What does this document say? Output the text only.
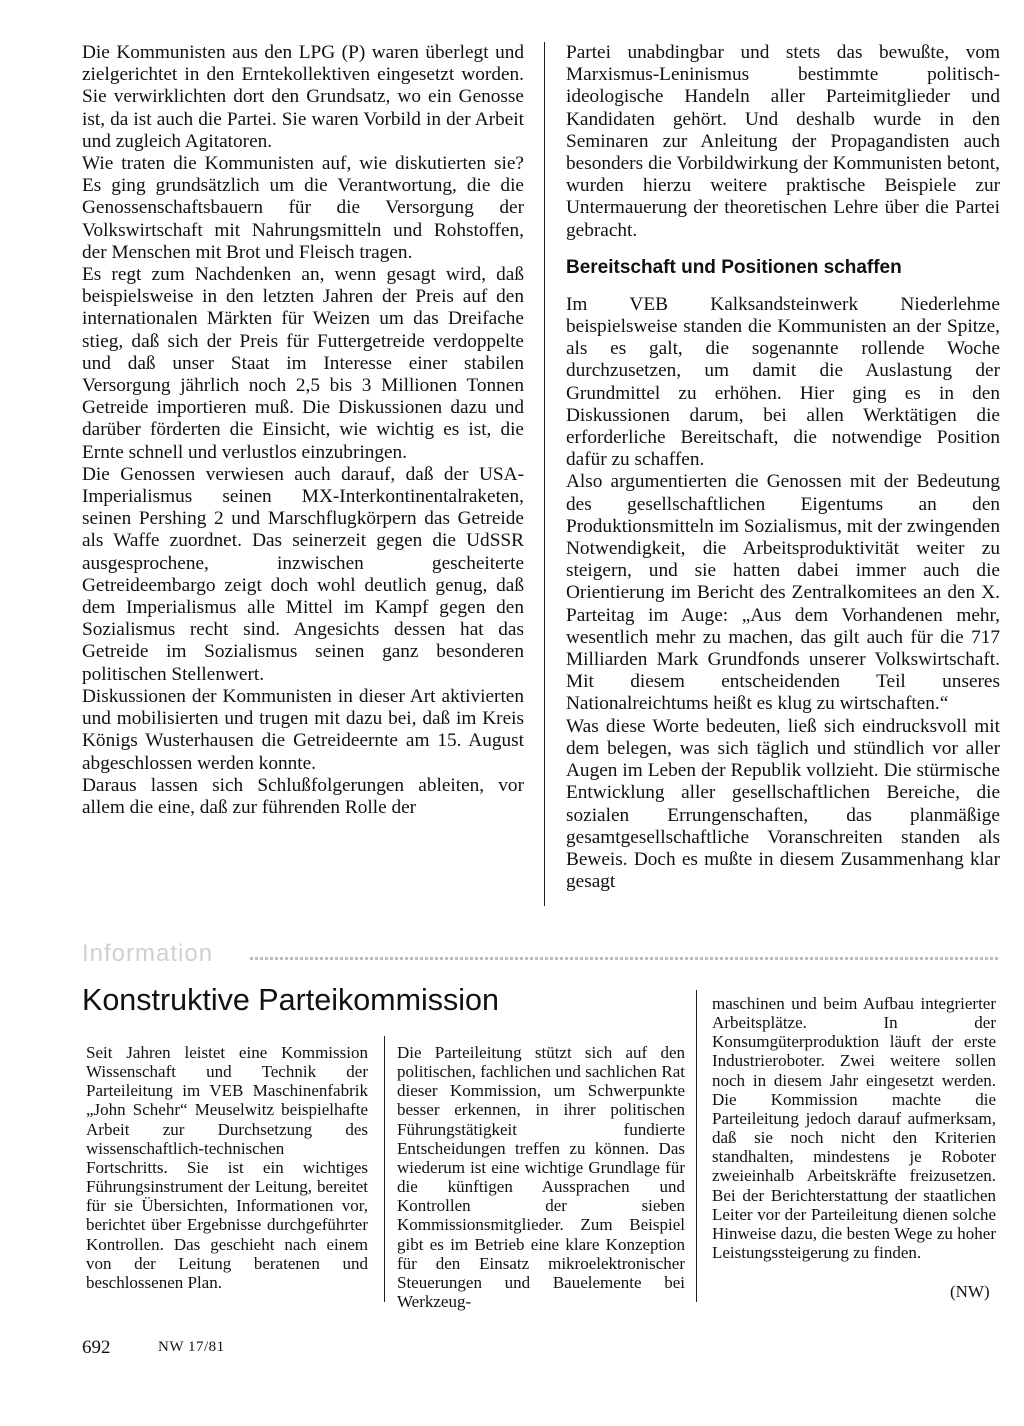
Die Kommunisten aus den LPG (P) waren überlegt und zielgerichtet in den Erntekollektiven eingesetzt worden. Sie verwirklichten dort den Grundsatz, wo ein Genosse ist, da ist auch die Partei. Sie waren Vorbild in der Arbeit und zugleich Agitatoren.

Wie traten die Kommunisten auf, wie diskutierten sie? Es ging grundsätzlich um die Verantwortung, die die Genossenschaftsbauern für die Versorgung der Volkswirtschaft mit Nahrungsmitteln und Rohstoffen, der Menschen mit Brot und Fleisch tragen.

Es regt zum Nachdenken an, wenn gesagt wird, daß beispielsweise in den letzten Jahren der Preis auf den internationalen Märkten für Weizen um das Dreifache stieg, daß sich der Preis für Futtergetreide verdoppelte und daß unser Staat im Interesse einer stabilen Versorgung jährlich noch 2,5 bis 3 Millionen Tonnen Getreide importieren muß. Die Diskussionen dazu und darüber förderten die Einsicht, wie wichtig es ist, die Ernte schnell und verlustlos einzubringen.

Die Genossen verwiesen auch darauf, daß der USA-Imperialismus seinen MX-Interkontinentalraketen, seinen Pershing 2 und Marschflugkörpern das Getreide als Waffe zuordnet. Das seinerzeit gegen die UdSSR ausgesprochene, inzwischen gescheiterte Getreideembargo zeigt doch wohl deutlich genug, daß dem Imperialismus alle Mittel im Kampf gegen den Sozialismus recht sind. Angesichts dessen hat das Getreide im Sozialismus seinen ganz besonderen politischen Stellenwert.

Diskussionen der Kommunisten in dieser Art aktivierten und mobilisierten und trugen mit dazu bei, daß im Kreis Königs Wusterhausen die Getreideernte am 15. August abgeschlossen werden konnte.

Daraus lassen sich Schlußfolgerungen ableiten, vor allem die eine, daß zur führenden Rolle der

Partei unabdingbar und stets das bewußte, vom Marxismus-Leninismus bestimmte politisch-ideologische Handeln aller Parteimitglieder und Kandidaten gehört. Und deshalb wurde in den Seminaren zur Anleitung der Propagandisten auch besonders die Vorbildwirkung der Kommunisten betont, wurden hierzu weitere praktische Beispiele zur Untermauerung der theoretischen Lehre über die Partei gebracht.

Bereitschaft und Positionen schaffen

Im VEB Kalksandsteinwerk Niederlehme beispielsweise standen die Kommunisten an der Spitze, als es galt, die sogenannte rollende Woche durchzusetzen, um damit die Auslastung der Grundmittel zu erhöhen. Hier ging es in den Diskussionen darum, bei allen Werktätigen die erforderliche Bereitschaft, die notwendige Position dafür zu schaffen.

Also argumentierten die Genossen mit der Bedeutung des gesellschaftlichen Eigentums an den Produktionsmitteln im Sozialismus, mit der zwingenden Notwendigkeit, die Arbeitsproduktivität weiter zu steigern, und sie hatten dabei immer auch die Orientierung im Bericht des Zentralkomitees an den X. Parteitag im Auge: „Aus dem Vorhandenen mehr, wesentlich mehr zu machen, das gilt auch für die 717 Milliarden Mark Grundfonds unserer Volkswirtschaft. Mit diesem entscheidenden Teil unseres Nationalreichtums heißt es klug zu wirtschaften.“

Was diese Worte bedeuten, ließ sich eindrucksvoll mit dem belegen, was sich täglich und stündlich vor aller Augen im Leben der Republik vollzieht. Die stürmische Entwicklung aller gesellschaftlichen Bereiche, die sozialen Errungenschaften, das planmäßige gesamtgesellschaftliche Voranschreiten standen als Beweis. Doch es mußte in diesem Zusammenhang klar gesagt

Information
Konstruktive Parteikommission

Seit Jahren leistet eine Kommission Wissenschaft und Technik der Parteileitung im VEB Maschinenfabrik „John Schehr“ Meuselwitz beispielhafte Arbeit zur Durchsetzung des wissenschaftlich-technischen Fortschritts. Sie ist ein wichtiges Führungsinstrument der Leitung, bereitet für sie Übersichten, Informationen vor, berichtet über Ergebnisse durchgeführter Kontrollen. Das geschieht nach einem von der Leitung beratenen und beschlossenen Plan.

Die Parteileitung stützt sich auf den politischen, fachlichen und sachlichen Rat dieser Kommission, um Schwerpunkte besser erkennen, in ihrer politischen Führungstätigkeit fundierte Entscheidungen treffen zu können. Das wiederum ist eine wichtige Grundlage für die künftigen Aussprachen und Kontrollen der sieben Kommissionsmitglieder. Zum Beispiel gibt es im Betrieb eine klare Konzeption für den Einsatz mikroelektronischer Steuerungen und Bauelemente bei Werkzeug-

maschinen und beim Aufbau integrierter Arbeitsplätze. In der Konsumgüterproduktion läuft der erste Industrieroboter. Zwei weitere sollen noch in diesem Jahr eingesetzt werden. Die Kommission machte die Parteileitung jedoch darauf aufmerksam, daß sie noch nicht den Kriterien standhalten, mindestens je Roboter zweieinhalb Arbeitskräfte freizusetzen. Bei der Berichterstattung der staatlichen Leiter vor der Parteileitung dienen solche Hinweise dazu, die besten Wege zu hoher Leistungssteigerung zu finden.

(NW)
692	NW 17/81
